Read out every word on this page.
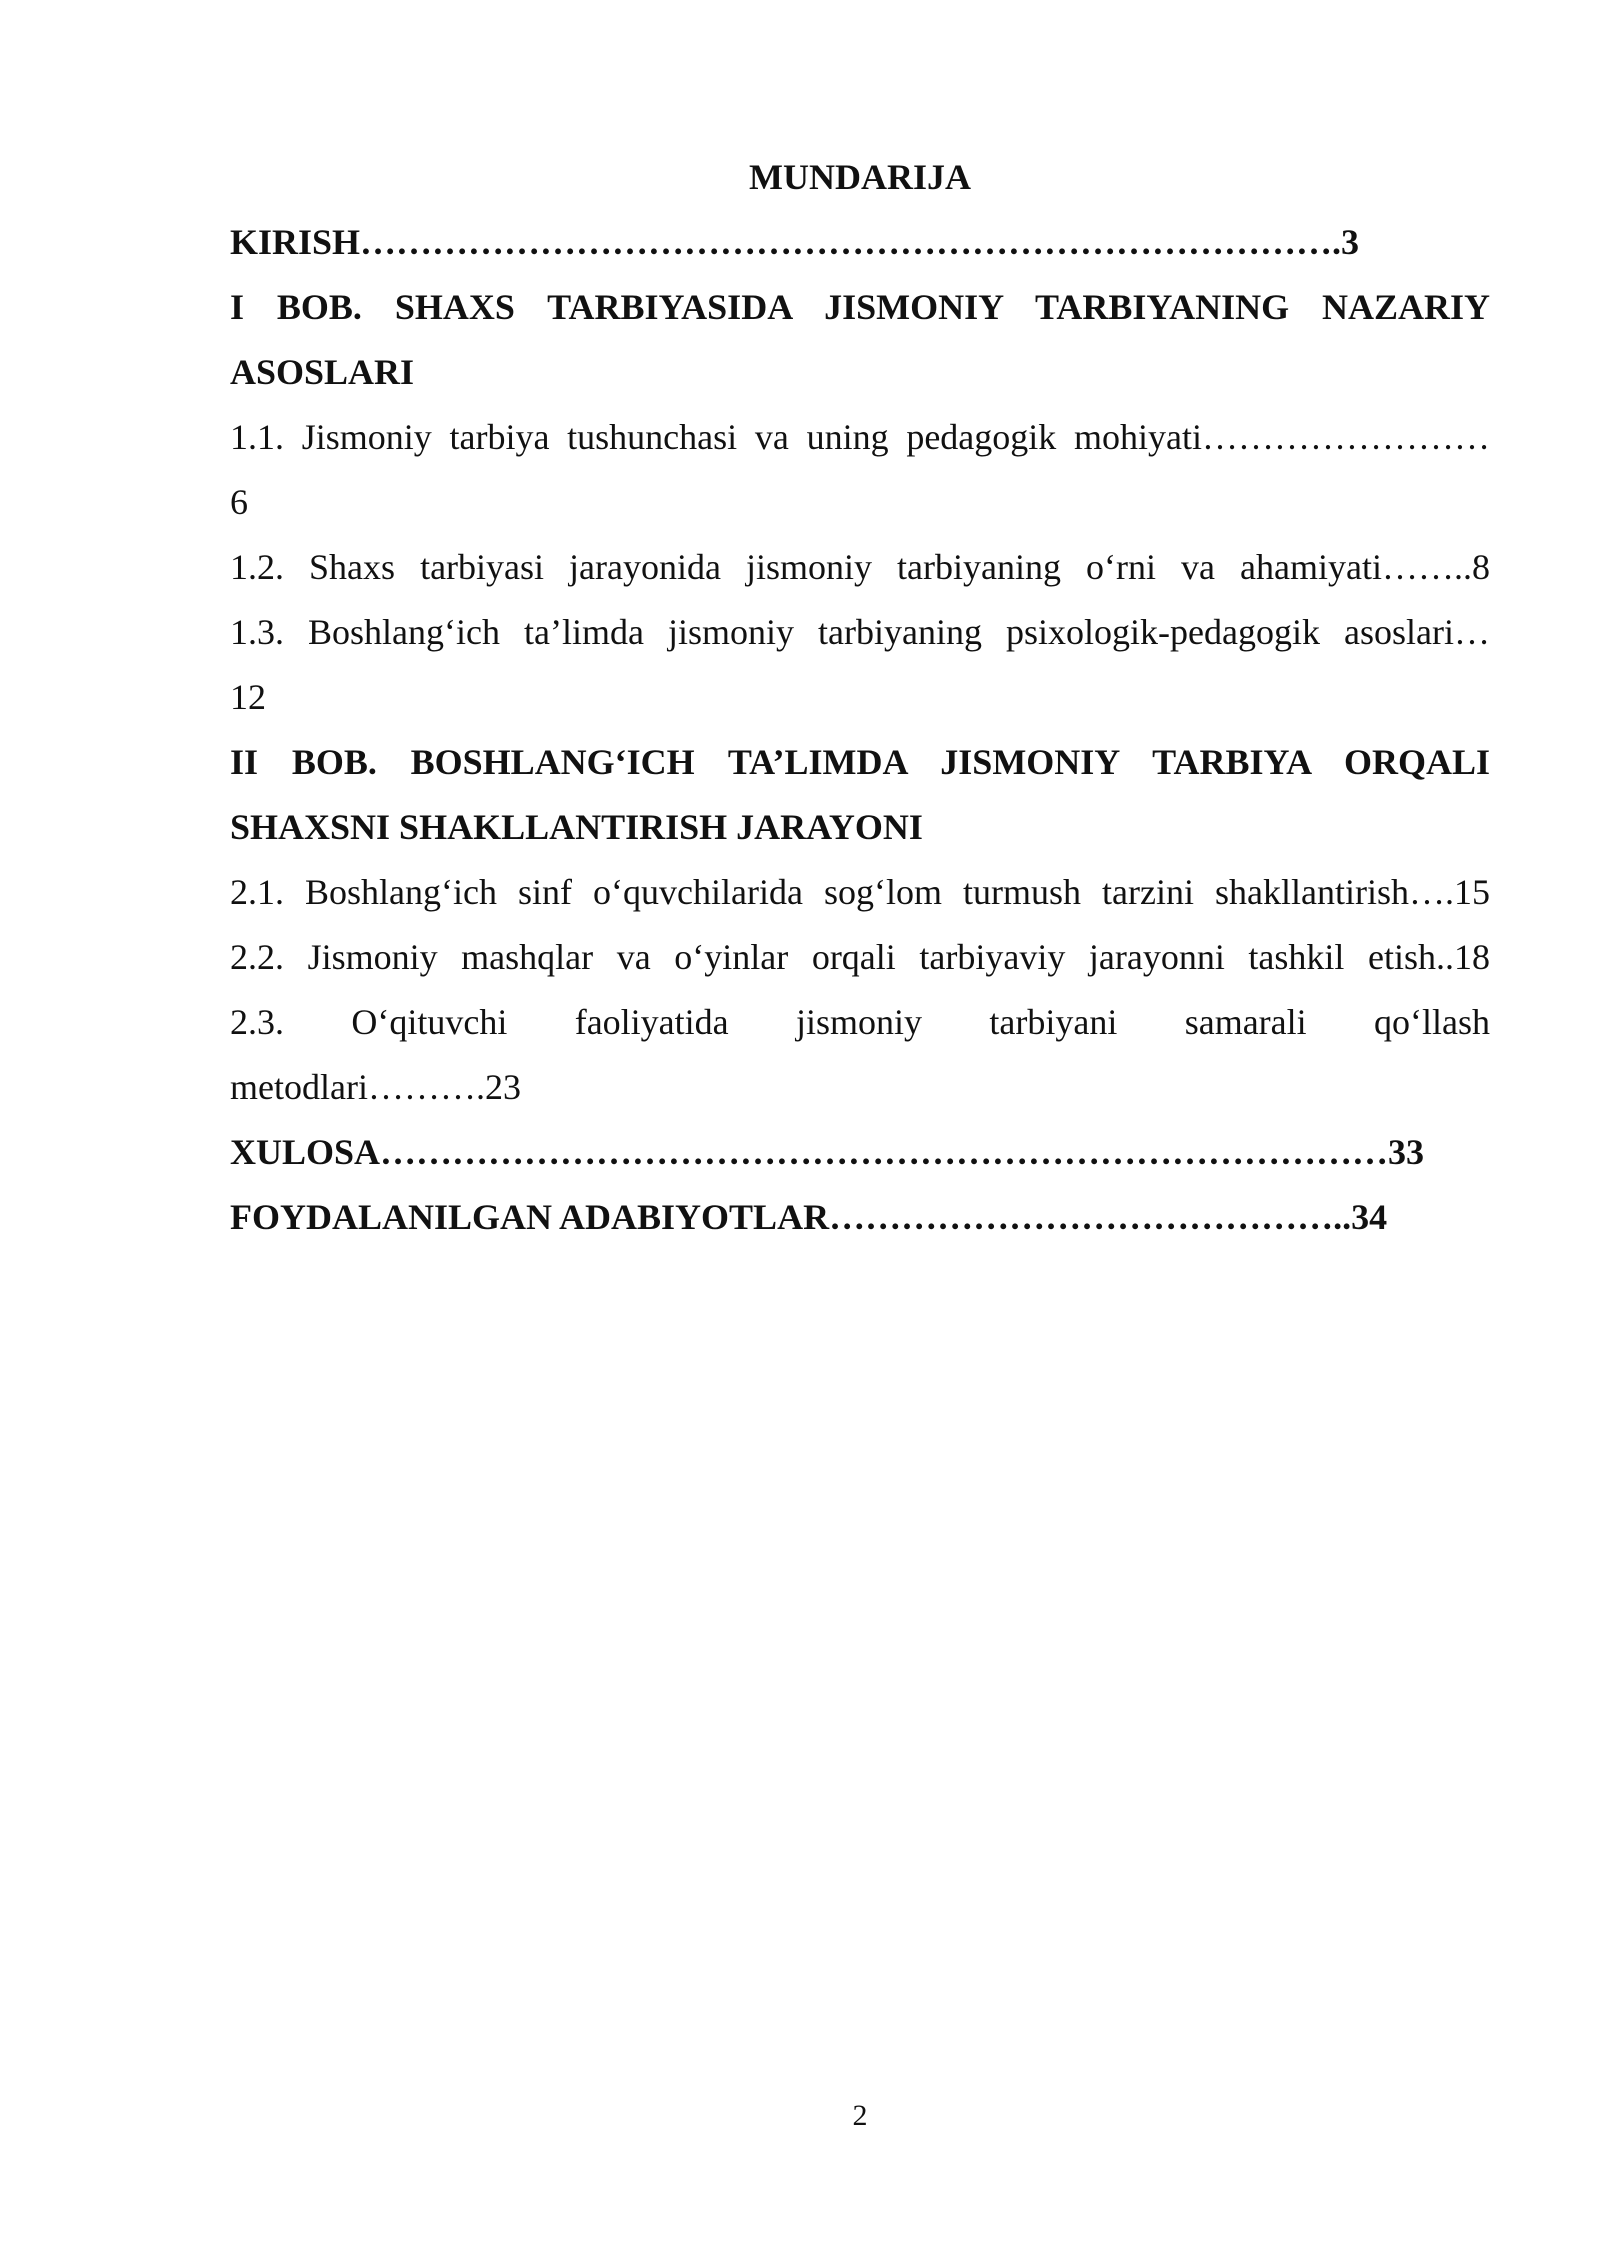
MUNDARIJA

KIRISH……………………………………………………………………….3

I BOB. SHAXS TARBIYASIDA JISMONIY TARBIYANING NAZARIY

ASOSLARI

1.1. Jismoniy tarbiya tushunchasi va uning pedagogik mohiyati……………………

6

1.2. Shaxs tarbiyasi jarayonida jismoniy tarbiyaning o‘rni va ahamiyati……..8

1.3. Boshlang‘ich ta’limda jismoniy tarbiyaning psixologik-pedagogik asoslari…

12

II BOB. BOSHLANG‘ICH TA’LIMDA JISMONIY TARBIYA ORQALI

SHAXSNI SHAKLLANTIRISH JARAYONI

2.1. Boshlang‘ich sinf o‘quvchilarida sog‘lom turmush tarzini shakllantirish….15

2.2. Jismoniy mashqlar va o‘yinlar orqali tarbiyaviy jarayonni tashkil etish..18

2.3. O‘qituvchi faoliyatida jismoniy tarbiyani samarali qo‘llash

metodlari……….23

XULOSA…………………………………………………………………………33

FOYDALANILGAN ADABIYOTLAR……………………………………..34

2
